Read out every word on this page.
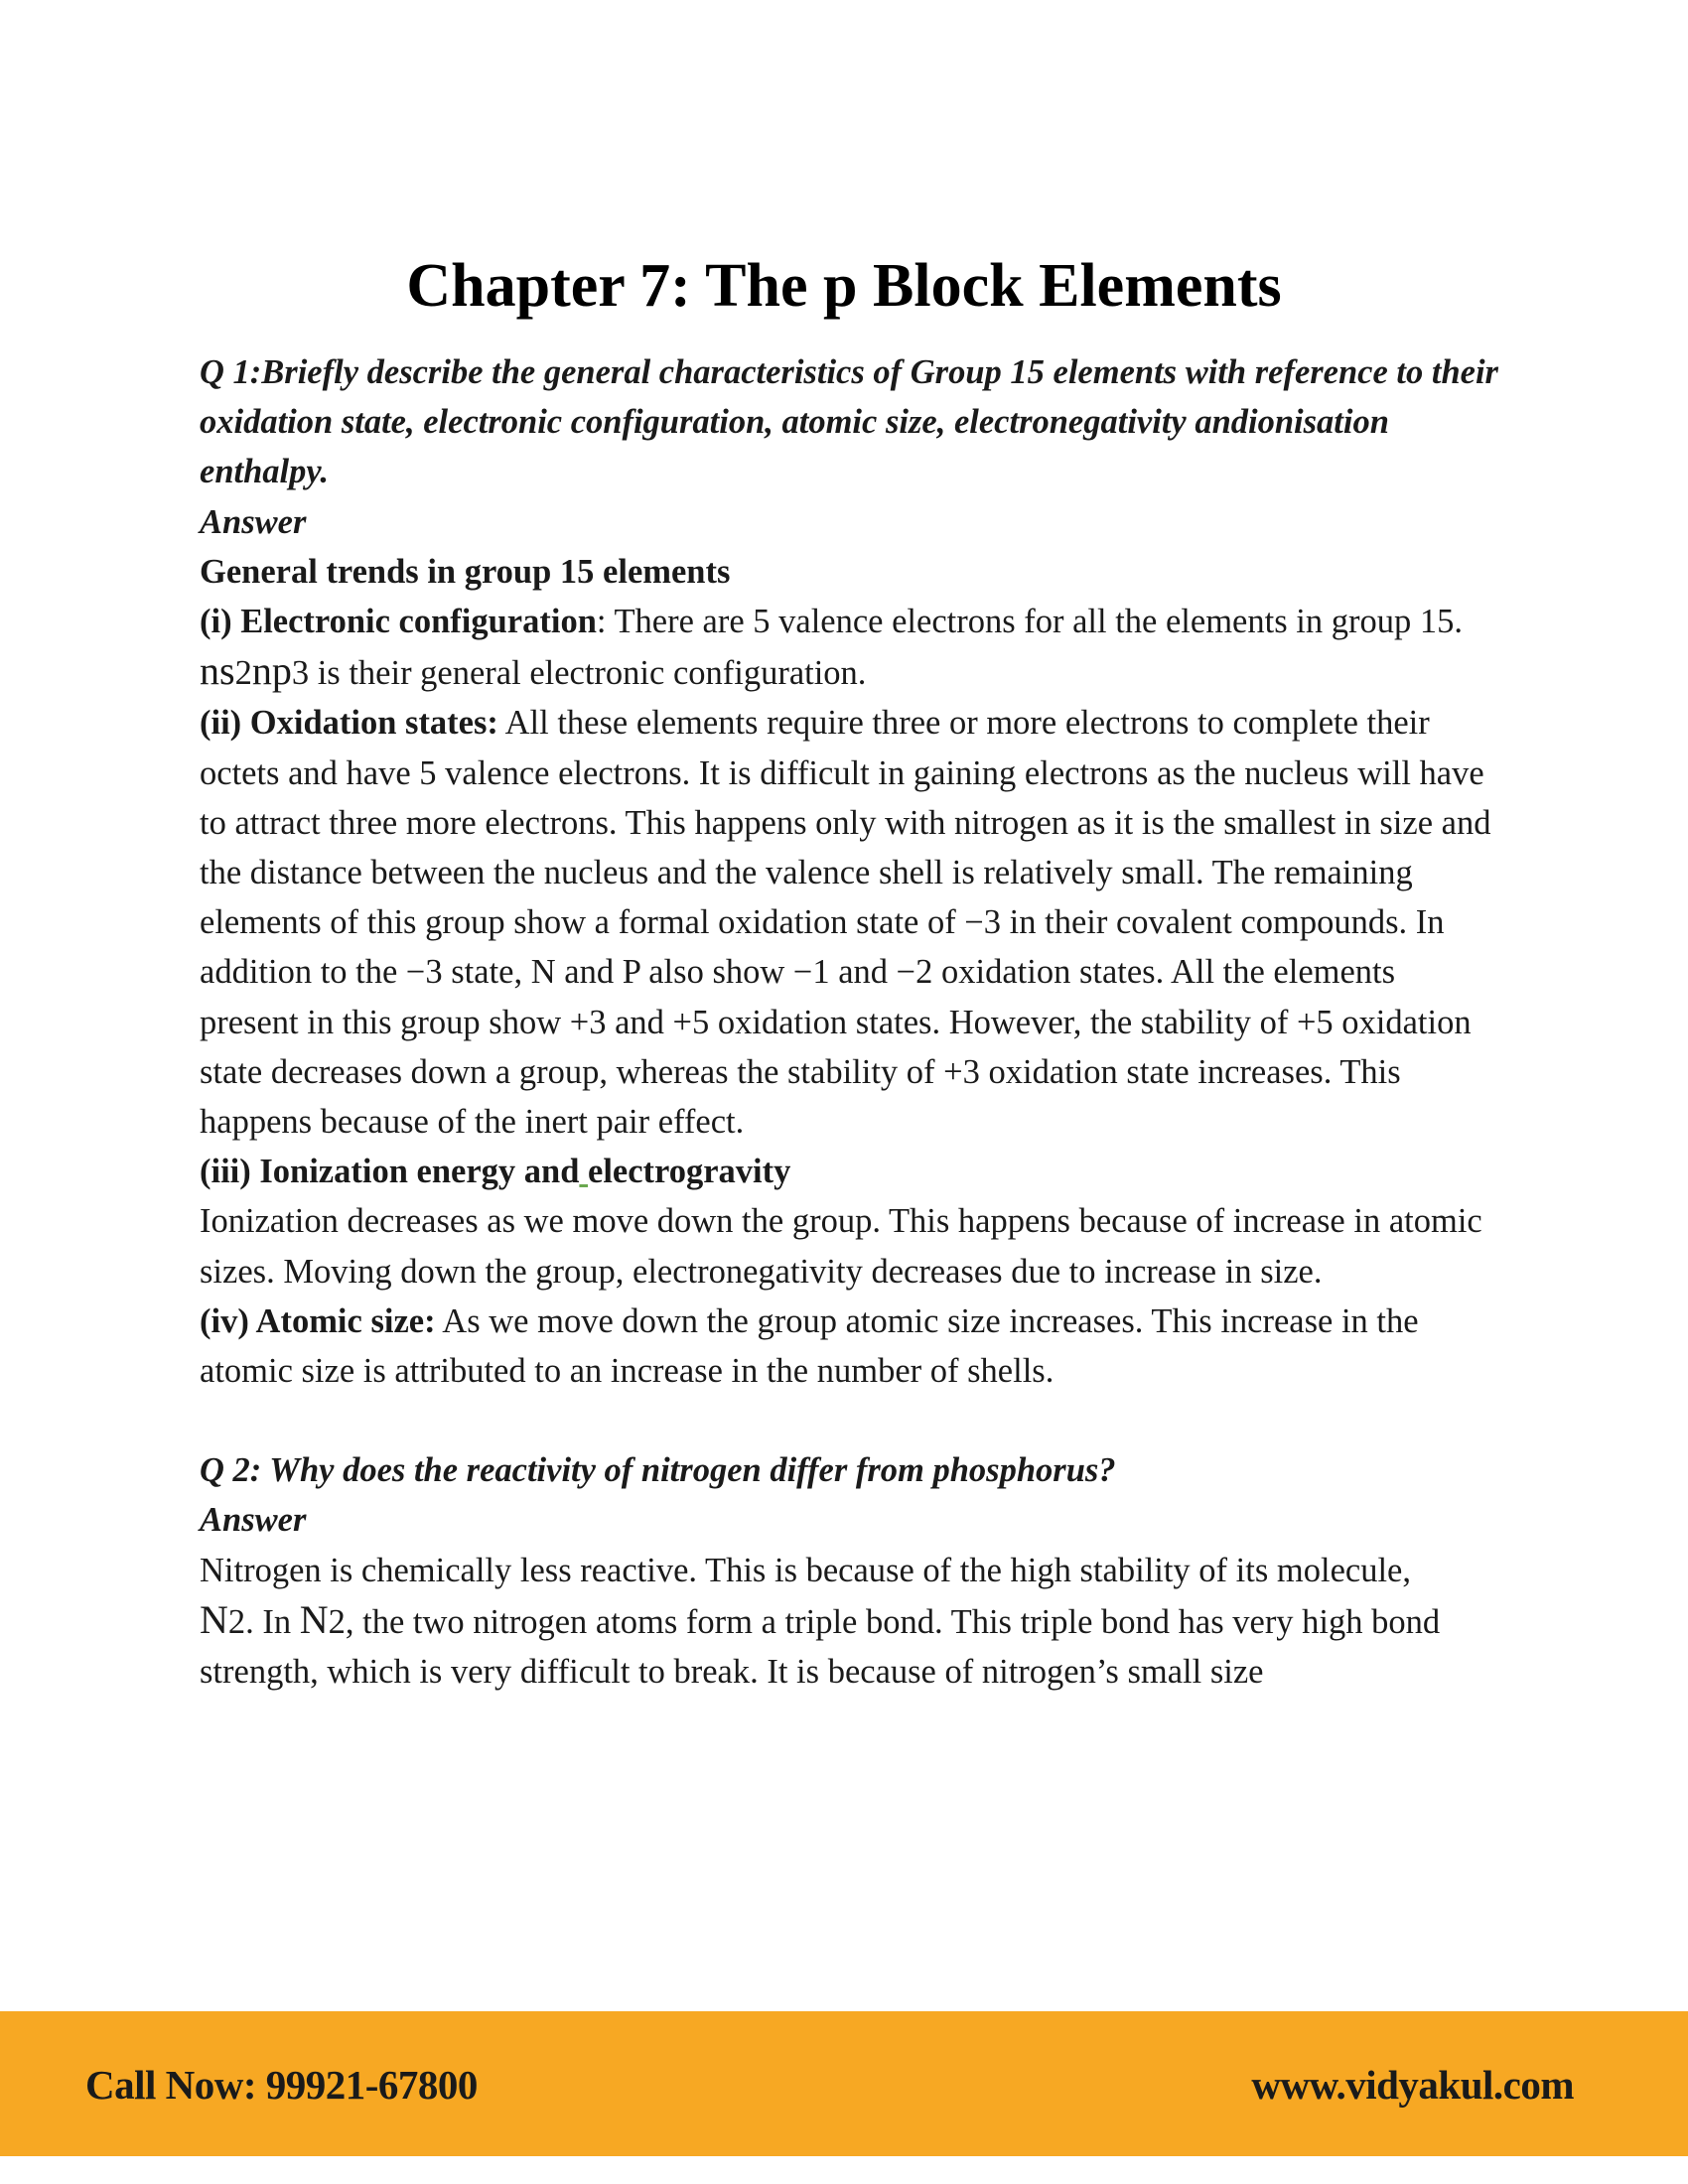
Chapter 7: The p Block Elements

Q 1:Briefly describe the general characteristics of Group 15 elements with reference to their oxidation state, electronic configuration, atomic size, electronegativity andionisation enthalpy.

Answer

General trends in group 15 elements

(i) Electronic configuration: There are 5 valence electrons for all the elements in group 15.

ns2np3 is their general electronic configuration.

(ii) Oxidation states: All these elements require three or more electrons to complete their octets and have 5 valence electrons. It is difficult in gaining electrons as the nucleus will have to attract three more electrons. This happens only with nitrogen as it is the smallest in size and the distance between the nucleus and the valence shell is relatively small. The remaining elements of this group show a formal oxidation state of −3 in their covalent compounds. In addition to the −3 state, N and P also show −1 and −2 oxidation states. All the elements present in this group show +3 and +5 oxidation states. However, the stability of +5 oxidation state decreases down a group, whereas the stability of +3 oxidation state increases. This happens because of the inert pair effect.

(iii) Ionization energy and electrogravity

Ionization decreases as we move down the group. This happens because of increase in atomic

sizes. Moving down the group, electronegativity decreases due to increase in size.

(iv) Atomic size: As we move down the group atomic size increases. This increase in the atomic size is attributed to an increase in the number of shells.

Q 2: Why does the reactivity of nitrogen differ from phosphorus?

Answer

Nitrogen is chemically less reactive. This is because of the high stability of its molecule,

N2. In N2, the two nitrogen atoms form a triple bond. This triple bond has very high bond strength, which is very difficult to break. It is because of nitrogen’s small size

Call Now: 99921-67800	www.vidyakul.com
